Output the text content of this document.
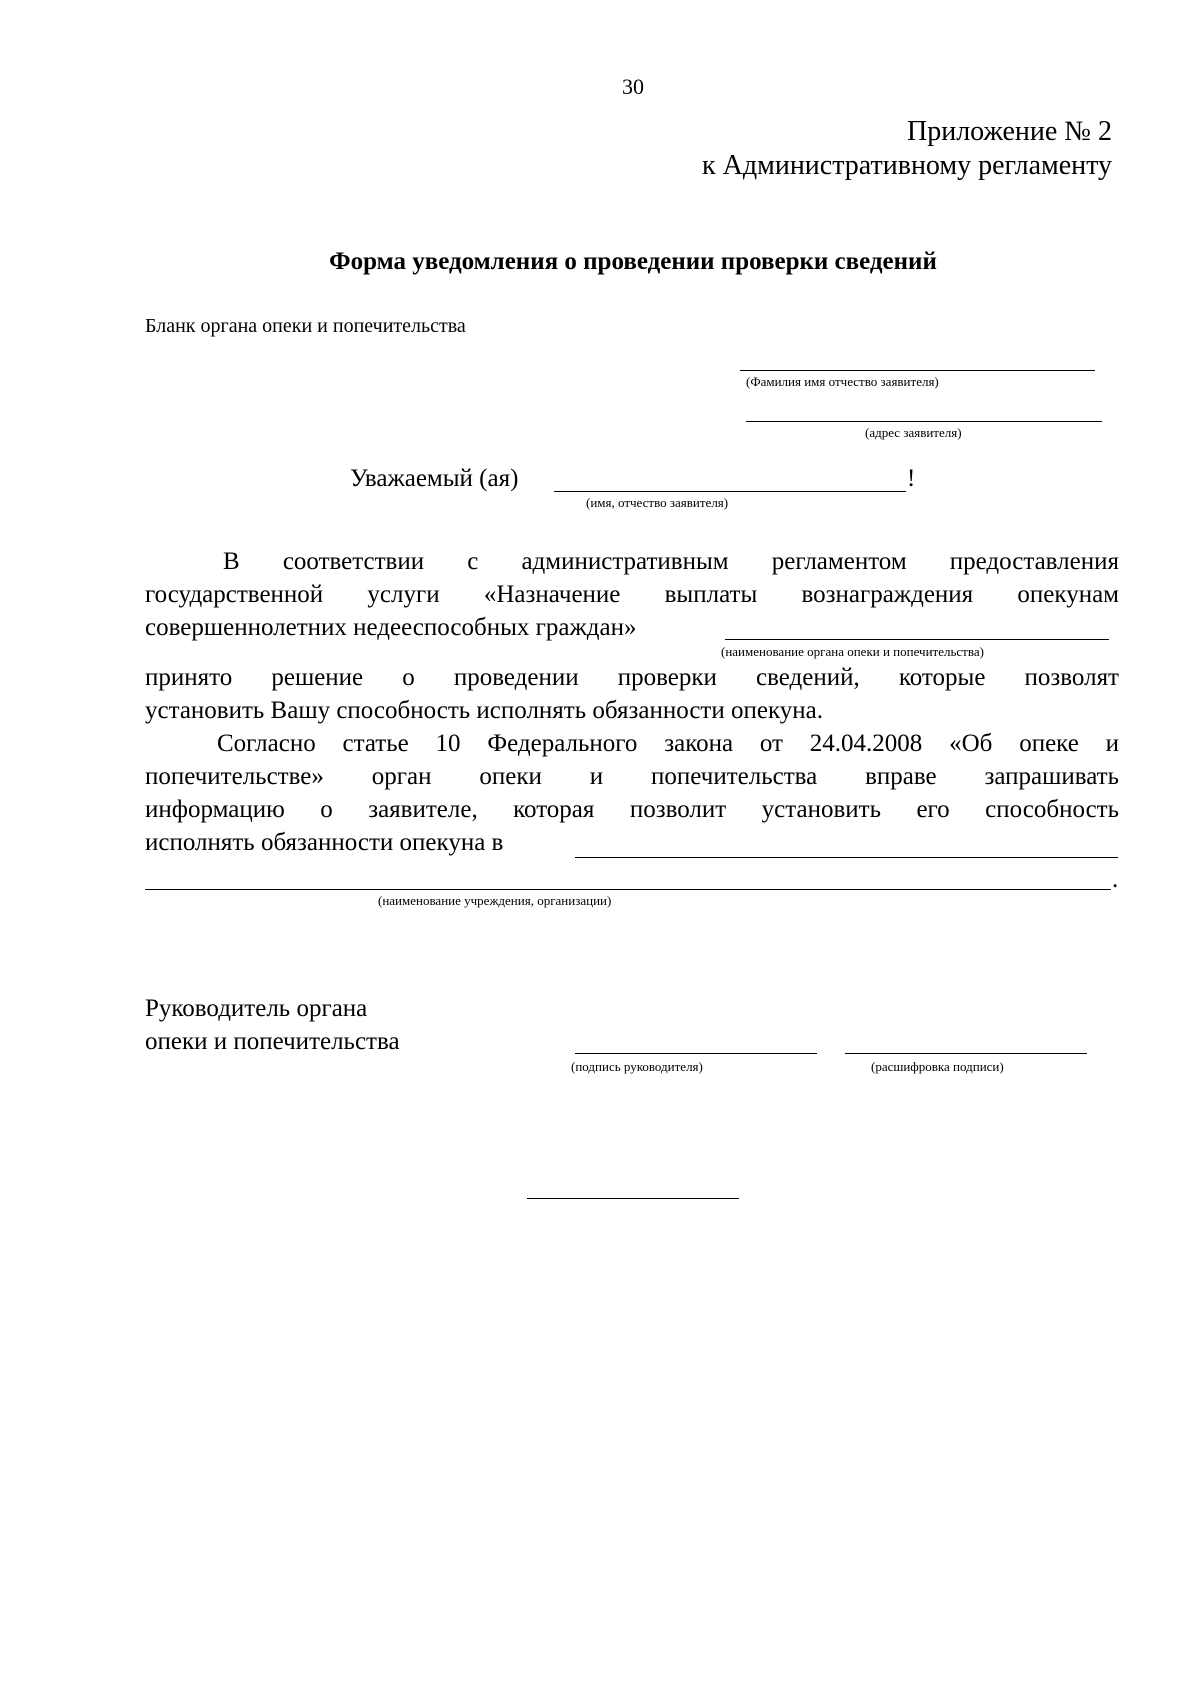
30
Приложение № 2
к Административному регламенту
Форма уведомления о проведении проверки сведений
Бланк органа опеки и попечительства
(Фамилия имя отчество заявителя)
(адрес заявителя)
Уважаемый (ая)	!
(имя, отчество заявителя)
В соответствии с административным регламентом предоставления
государственной услуги «Назначение выплаты вознаграждения опекунам
совершеннолетних недееспособных граждан»
(наименование органа опеки и попечительства)
принято решение о проведении проверки сведений, которые позволят
установить Вашу способность исполнять обязанности опекуна.
Согласно статье 10 Федерального закона от 24.04.2008 «Об опеке и
попечительстве» орган опеки и попечительства вправе запрашивать
информацию о заявителе, которая позволит установить его способность
исполнять обязанности опекуна в
.
(наименование учреждения, организации)
Руководитель органа
опеки и попечительства
(подпись руководителя)	(расшифровка подписи)
